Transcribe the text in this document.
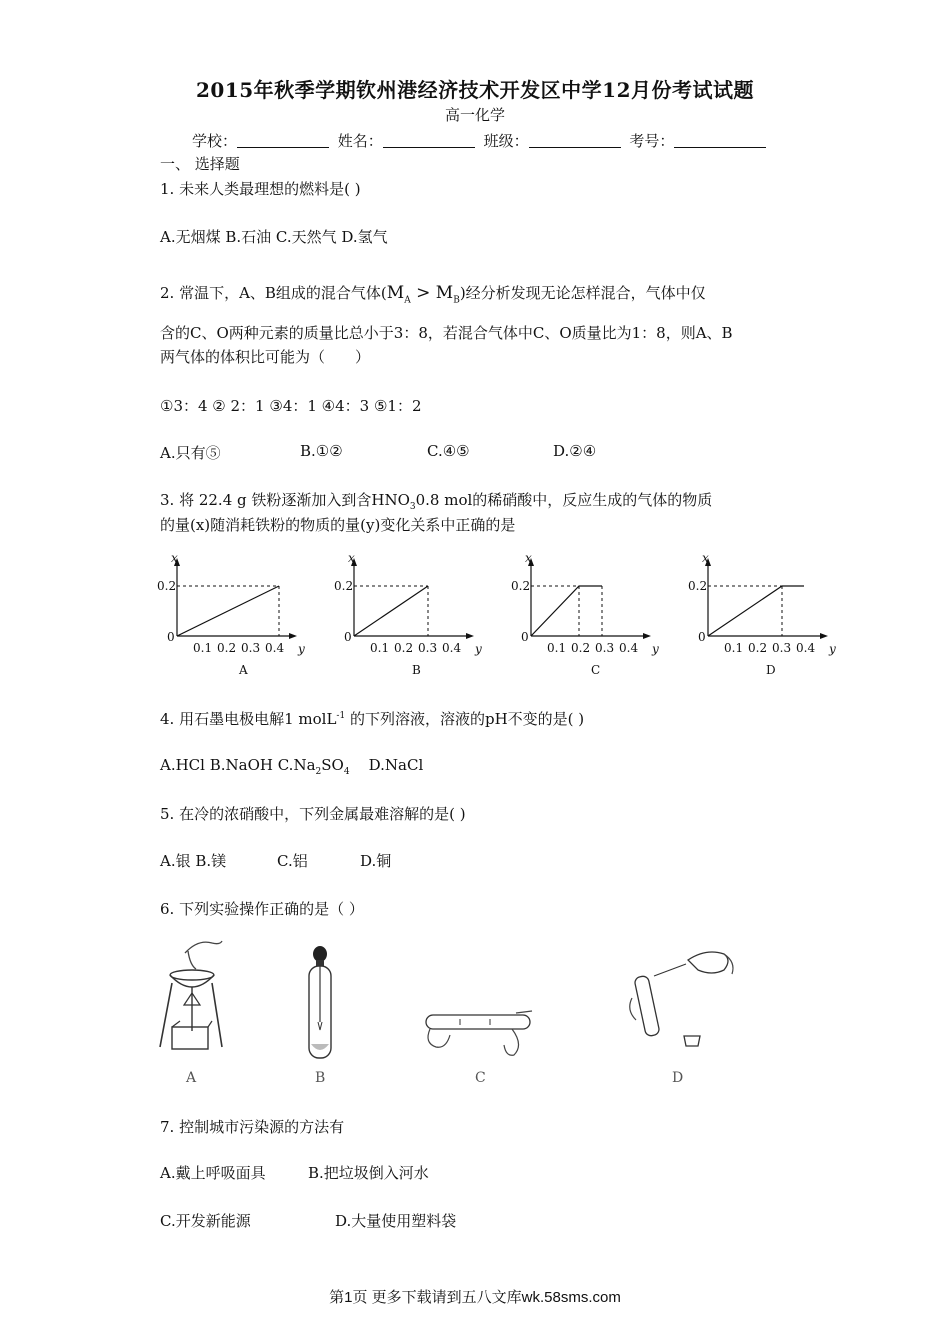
2015年秋季学期钦州港经济技术开发区中学12月份考试试题
高一化学
学校：	姓名：	班级：	考号：
一、 选择题
1. 未来人类最理想的燃料是( )
A.无烟煤 B.石油 C.天然气 D.氢气
2. 常温下，A、B组成的混合气体$(M_A > M_B)$经分析发现无论怎样混合，气体中仅
含的C、O两种元素的质量比总小于3：8，若混合气体中C、O质量比为1：8，则A、B
两气体的体积比可能为（　　）
①3：4 ② 2：1 ③4：1 ④4：3 ⑤1：2
A.只有⑤	B.①②	C.④⑤	D.②④
3. 将 22.4 g 铁粉逐渐加入到含$HNO_30.8$ mol的稀硝酸中，反应生成的气体的物质
的量(x)随消耗铁粉的物质的量(y)变化关系中正确的是
x
y
0
0.2
0.1 0.2 0.3 0.4
A
x
y
0
0.2
0.1 0.2 0.3 0.4
B
x
y
0
0.2
0.1 0.2 0.3 0.4
C
x
y
0
0.2
0.1 0.2 0.3 0.4
D
4. 用石墨电极电解1 molL$^{-1}$ 的下列溶液，溶液的pH不变的是( )
A.HCl B.NaOH $C.Na_2SO_4$ D.NaCl
5. 在冷的浓硝酸中，下列金属最难溶解的是( )
A.银 B.镁	C.铝	D.铜
6. 下列实验操作正确的是（ ）
A	B	C	D
7. 控制城市污染源的方法有
A.戴上呼吸面具	B.把垃圾倒入河水
C.开发新能源	D.大量使用塑料袋
第1页 更多下载请到五八文库wk.58sms.com
